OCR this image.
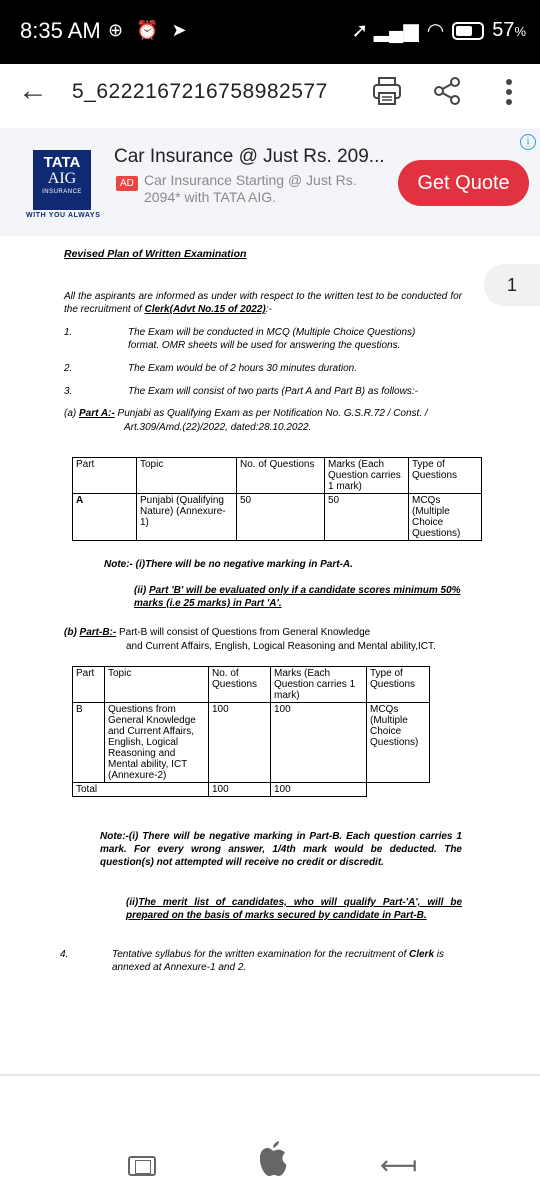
8:35 AM ⊕ ⏰ ➤	➚ ▂▄▆ ◠ 57%
← 5_6222167216758982577
TATA
AIG
INSURANCE
WITH YOU ALWAYS
Car Insurance @ Just Rs. 209...
AD Car Insurance Starting @ Just Rs. 2094* with TATA AIG.
Get Quote
i
1
Revised Plan of Written Examination
All the aspirants are informed as under with respect to the written test to be conducted for the recruitment of Clerk(Advt No.15 of 2022):-
1.	The Exam will be conducted in MCQ (Multiple Choice Questions) format. OMR sheets will be used for answering the questions.
2.	The Exam would be of 2 hours 30 minutes duration.
3.	The Exam will consist of two parts (Part A and Part B) as follows:-
(a) Part A:- Punjabi as Qualifying Exam as per Notification No. G.S.R.72 / Const. /
Art.309/Amd.(22)/2022, dated:28.10.2022.
Part	Topic	No. of Questions	Marks (Each Question carries 1 mark)	Type of Questions
A	Punjabi (Qualifying Nature) (Annexure-1)	50	50	MCQs (Multiple Choice Questions)
Note:- (i)There will be no negative marking in Part-A.
(ii) Part 'B' will be evaluated only if a candidate scores minimum 50% marks (i.e 25 marks) in Part 'A'.
(b) Part-B:- Part-B will consist of Questions from General Knowledge
and Current Affairs, English, Logical Reasoning and Mental ability,ICT.
Part	Topic	No. of Questions	Marks (Each Question carries 1 mark)	Type of Questions
B	Questions from General Knowledge and Current Affairs, English, Logical Reasoning and Mental ability, ICT (Annexure-2)	100	100	MCQs (Multiple Choice Questions)
Total		100	100	
Note:-(i) There will be negative marking in Part-B. Each question carries 1 mark. For every wrong answer, 1/4th mark would be deducted. The question(s) not attempted will receive no credit or discredit.
(ii)The merit list of candidates, who will qualify Part-'A', will be prepared on the basis of marks secured by candidate in Part-B.
4.	Tentative syllabus for the written examination for the recruitment of Clerk is annexed at Annexure-1 and 2.
⟻
